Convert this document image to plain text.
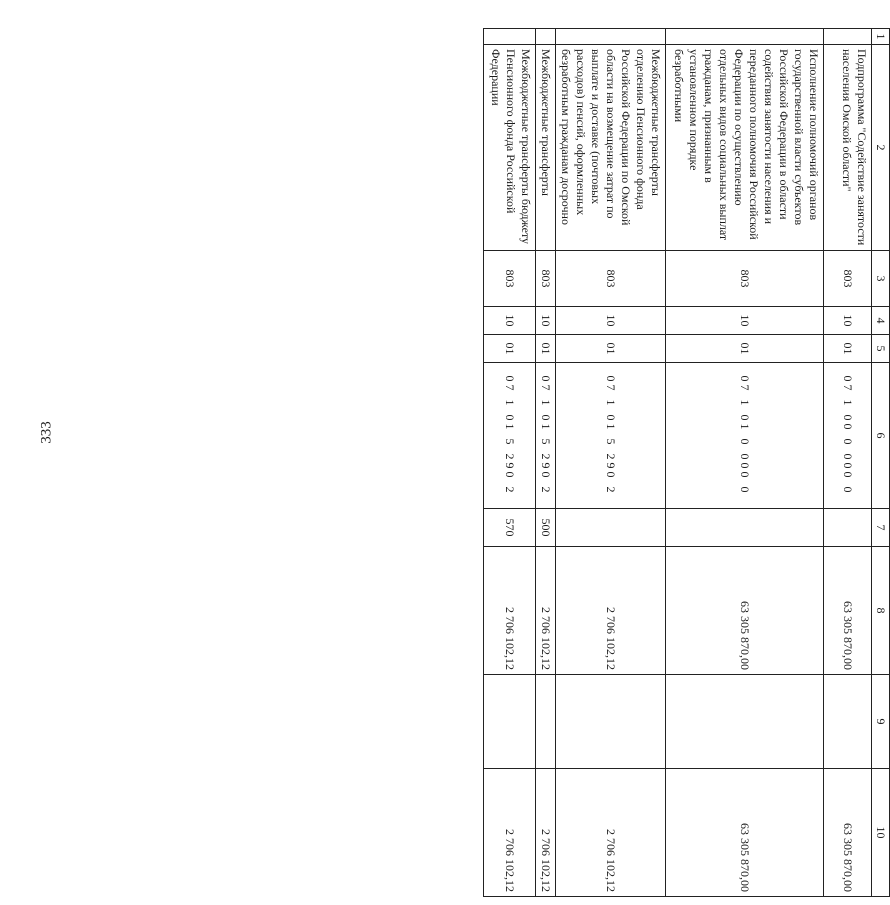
333
1	2	3	4	5	6	7	8	9	10
	Подпрограмма "Содействие занятости населения Омской области"	803	10	01	07 1 00 0 000 0		63 305 870,00		63 305 870,00
	Исполнение полномочий органов государственной власти субъектов Российской Федерации в области содействия занятости населения и переданного полномочия Российской Федерации по осуществлению отдельных видов социальных выплат гражданам, признанным в установленном порядке безработными	803	10	01	07 1 01 0 000 0		63 305 870,00		63 305 870,00
	Межбюджетные трансферты отделению Пенсионного фонда Российской Федерации по Омской области на возмещение затрат по выплате и доставке (почтовых расходов) пенсий, оформленных безработным гражданам досрочно	803	10	01	07 1 01 5 290 2		2 706 102,12		2 706 102,12
	Межбюджетные трансферты	803	10	01	07 1 01 5 290 2	500	2 706 102,12		2 706 102,12
	Межбюджетные трансферты бюджету Пенсионного фонда Российской Федерации	803	10	01	07 1 01 5 290 2	570	2 706 102,12		2 706 102,12
